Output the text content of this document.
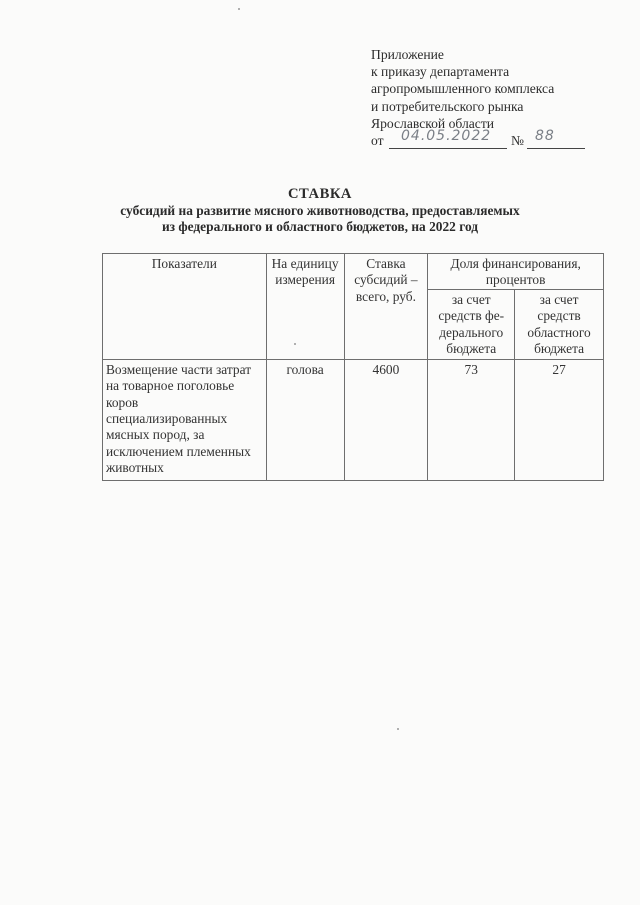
Приложение
к приказу департамента
агропромышленного комплекса
и потребительского рынка
Ярославской области
от 04.05.2022 № 88
СТАВКА
субсидий на развитие мясного животноводства, предоставляемых
из федерального и областного бюджетов, на 2022 год
Показатели	На единицу измерения	Ставка субсидий – всего, руб.	Доля финансирования, процентов	
			за счет средств фе-дерального бюджета	за счет средств областного бюджета
Возмещение части затрат на товарное поголовье коров специализированных мясных пород, за исключением племенных животных	голова	4600	73	27
